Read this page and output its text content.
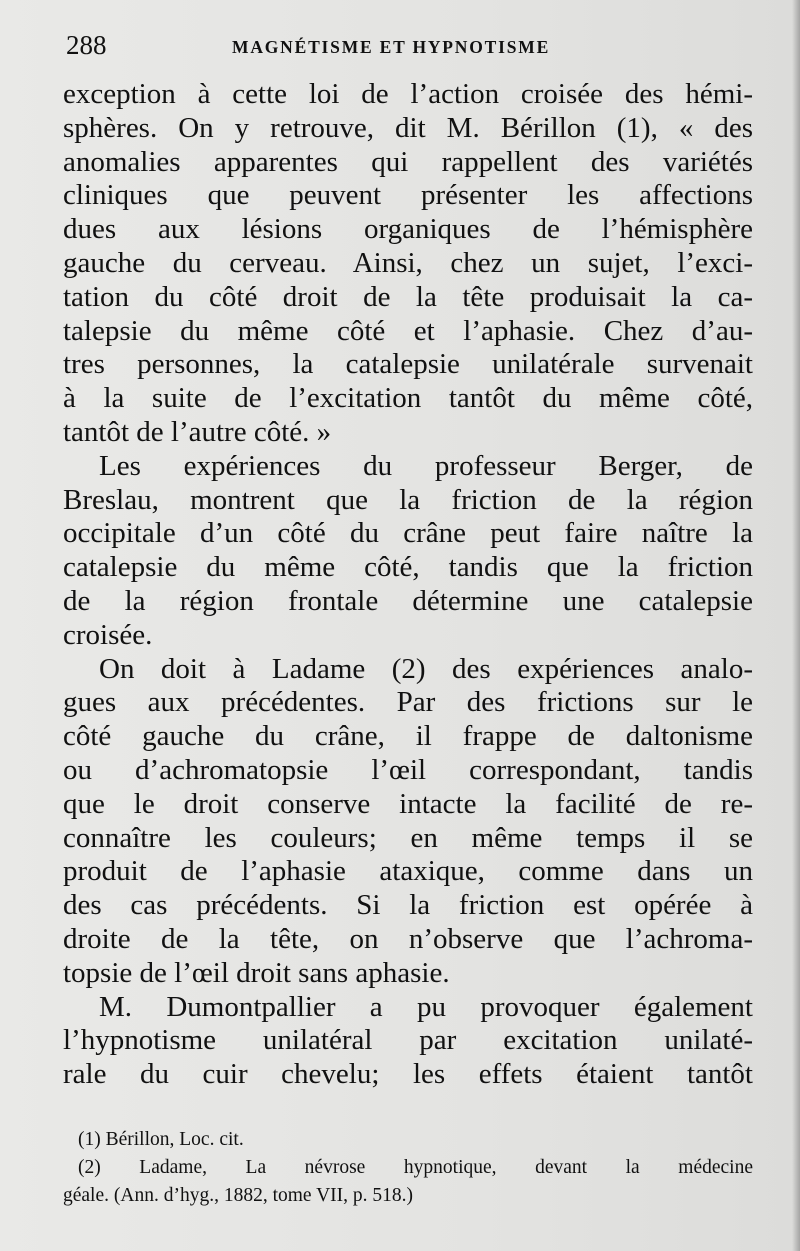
288	MAGNÉTISME ET HYPNOTISME
exception à cette loi de l’action croisée des hémi-
sphères. On y retrouve, dit M. Bérillon (1), « des
anomalies apparentes qui rappellent des variétés
cliniques que peuvent présenter les affections
dues aux lésions organiques de l’hémisphère
gauche du cerveau. Ainsi, chez un sujet, l’exci-
tation du côté droit de la tête produisait la ca-
talepsie du même côté et l’aphasie. Chez d’au-
tres personnes, la catalepsie unilatérale survenait
à la suite de l’excitation tantôt du même côté,
tantôt de l’autre côté. »
Les expériences du professeur Berger, de
Breslau, montrent que la friction de la région
occipitale d’un côté du crâne peut faire naître la
catalepsie du même côté, tandis que la friction
de la région frontale détermine une catalepsie
croisée.
On doit à Ladame (2) des expériences analo-
gues aux précédentes. Par des frictions sur le
côté gauche du crâne, il frappe de daltonisme
ou d’achromatopsie l’œil correspondant, tandis
que le droit conserve intacte la facilité de re-
connaître les couleurs; en même temps il se
produit de l’aphasie ataxique, comme dans un
des cas précédents. Si la friction est opérée à
droite de la tête, on n’observe que l’achroma-
topsie de l’œil droit sans aphasie.
M. Dumontpallier a pu provoquer également
l’hypnotisme unilatéral par excitation unilaté-
rale du cuir chevelu; les effets étaient tantôt
(1) Bérillon, Loc. cit.
(2) Ladame, La névrose hypnotique, devant la médecine
géale. (Ann. d’hyg., 1882, tome VII, p. 518.)
